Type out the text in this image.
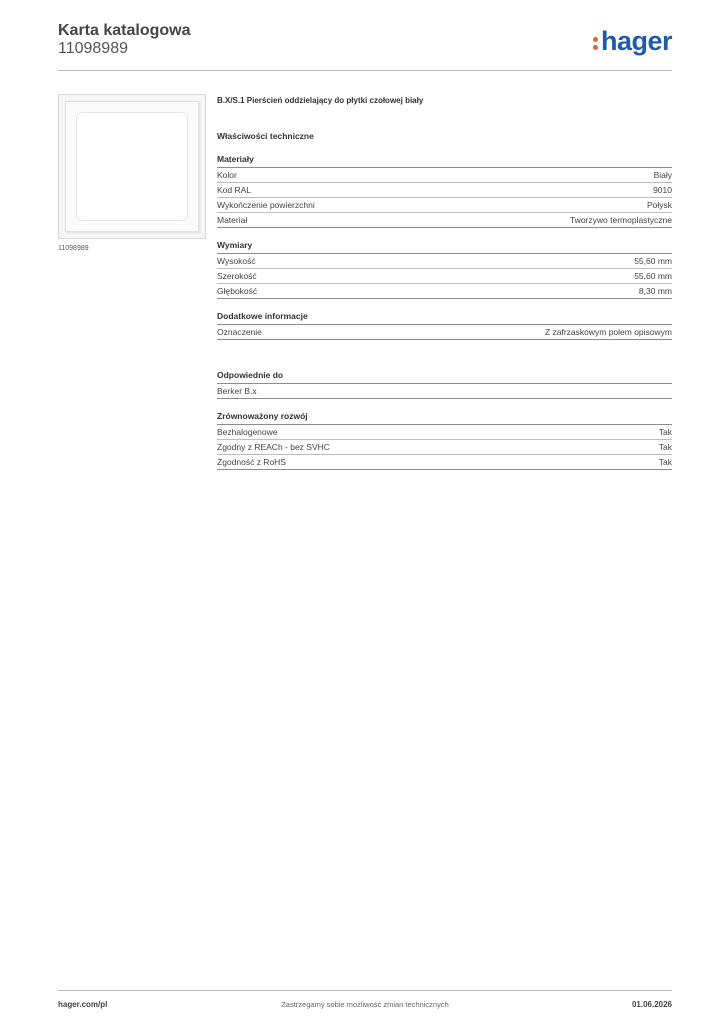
Karta katalogowa
11098989	hager
11098989
B.X/S.1 Pierścień oddzielający do płytki czołowej biały
Właściwości techniczne
Materiały
Kolor	Biały
Kod RAL	9010
Wykończenie powierzchni	Połysk
Materiał	Tworzywo termoplastyczne
Wymiary
Wysokość	55,60 mm
Szerokość	55,60 mm
Głębokość	8,30 mm
Dodatkowe informacje
Oznaczenie	Z zafrzaskowym polem opisowym
Odpowiednie do
Berker B.x
Zrównoważony rozwój
Bezhalogenowe	Tak
Zgodny z REACh - bez SVHC	Tak
Zgodność z RoHS	Tak
hager.com/pl	Zastrzegamy sobie możliwość zmian technicznych	01.06.2026
